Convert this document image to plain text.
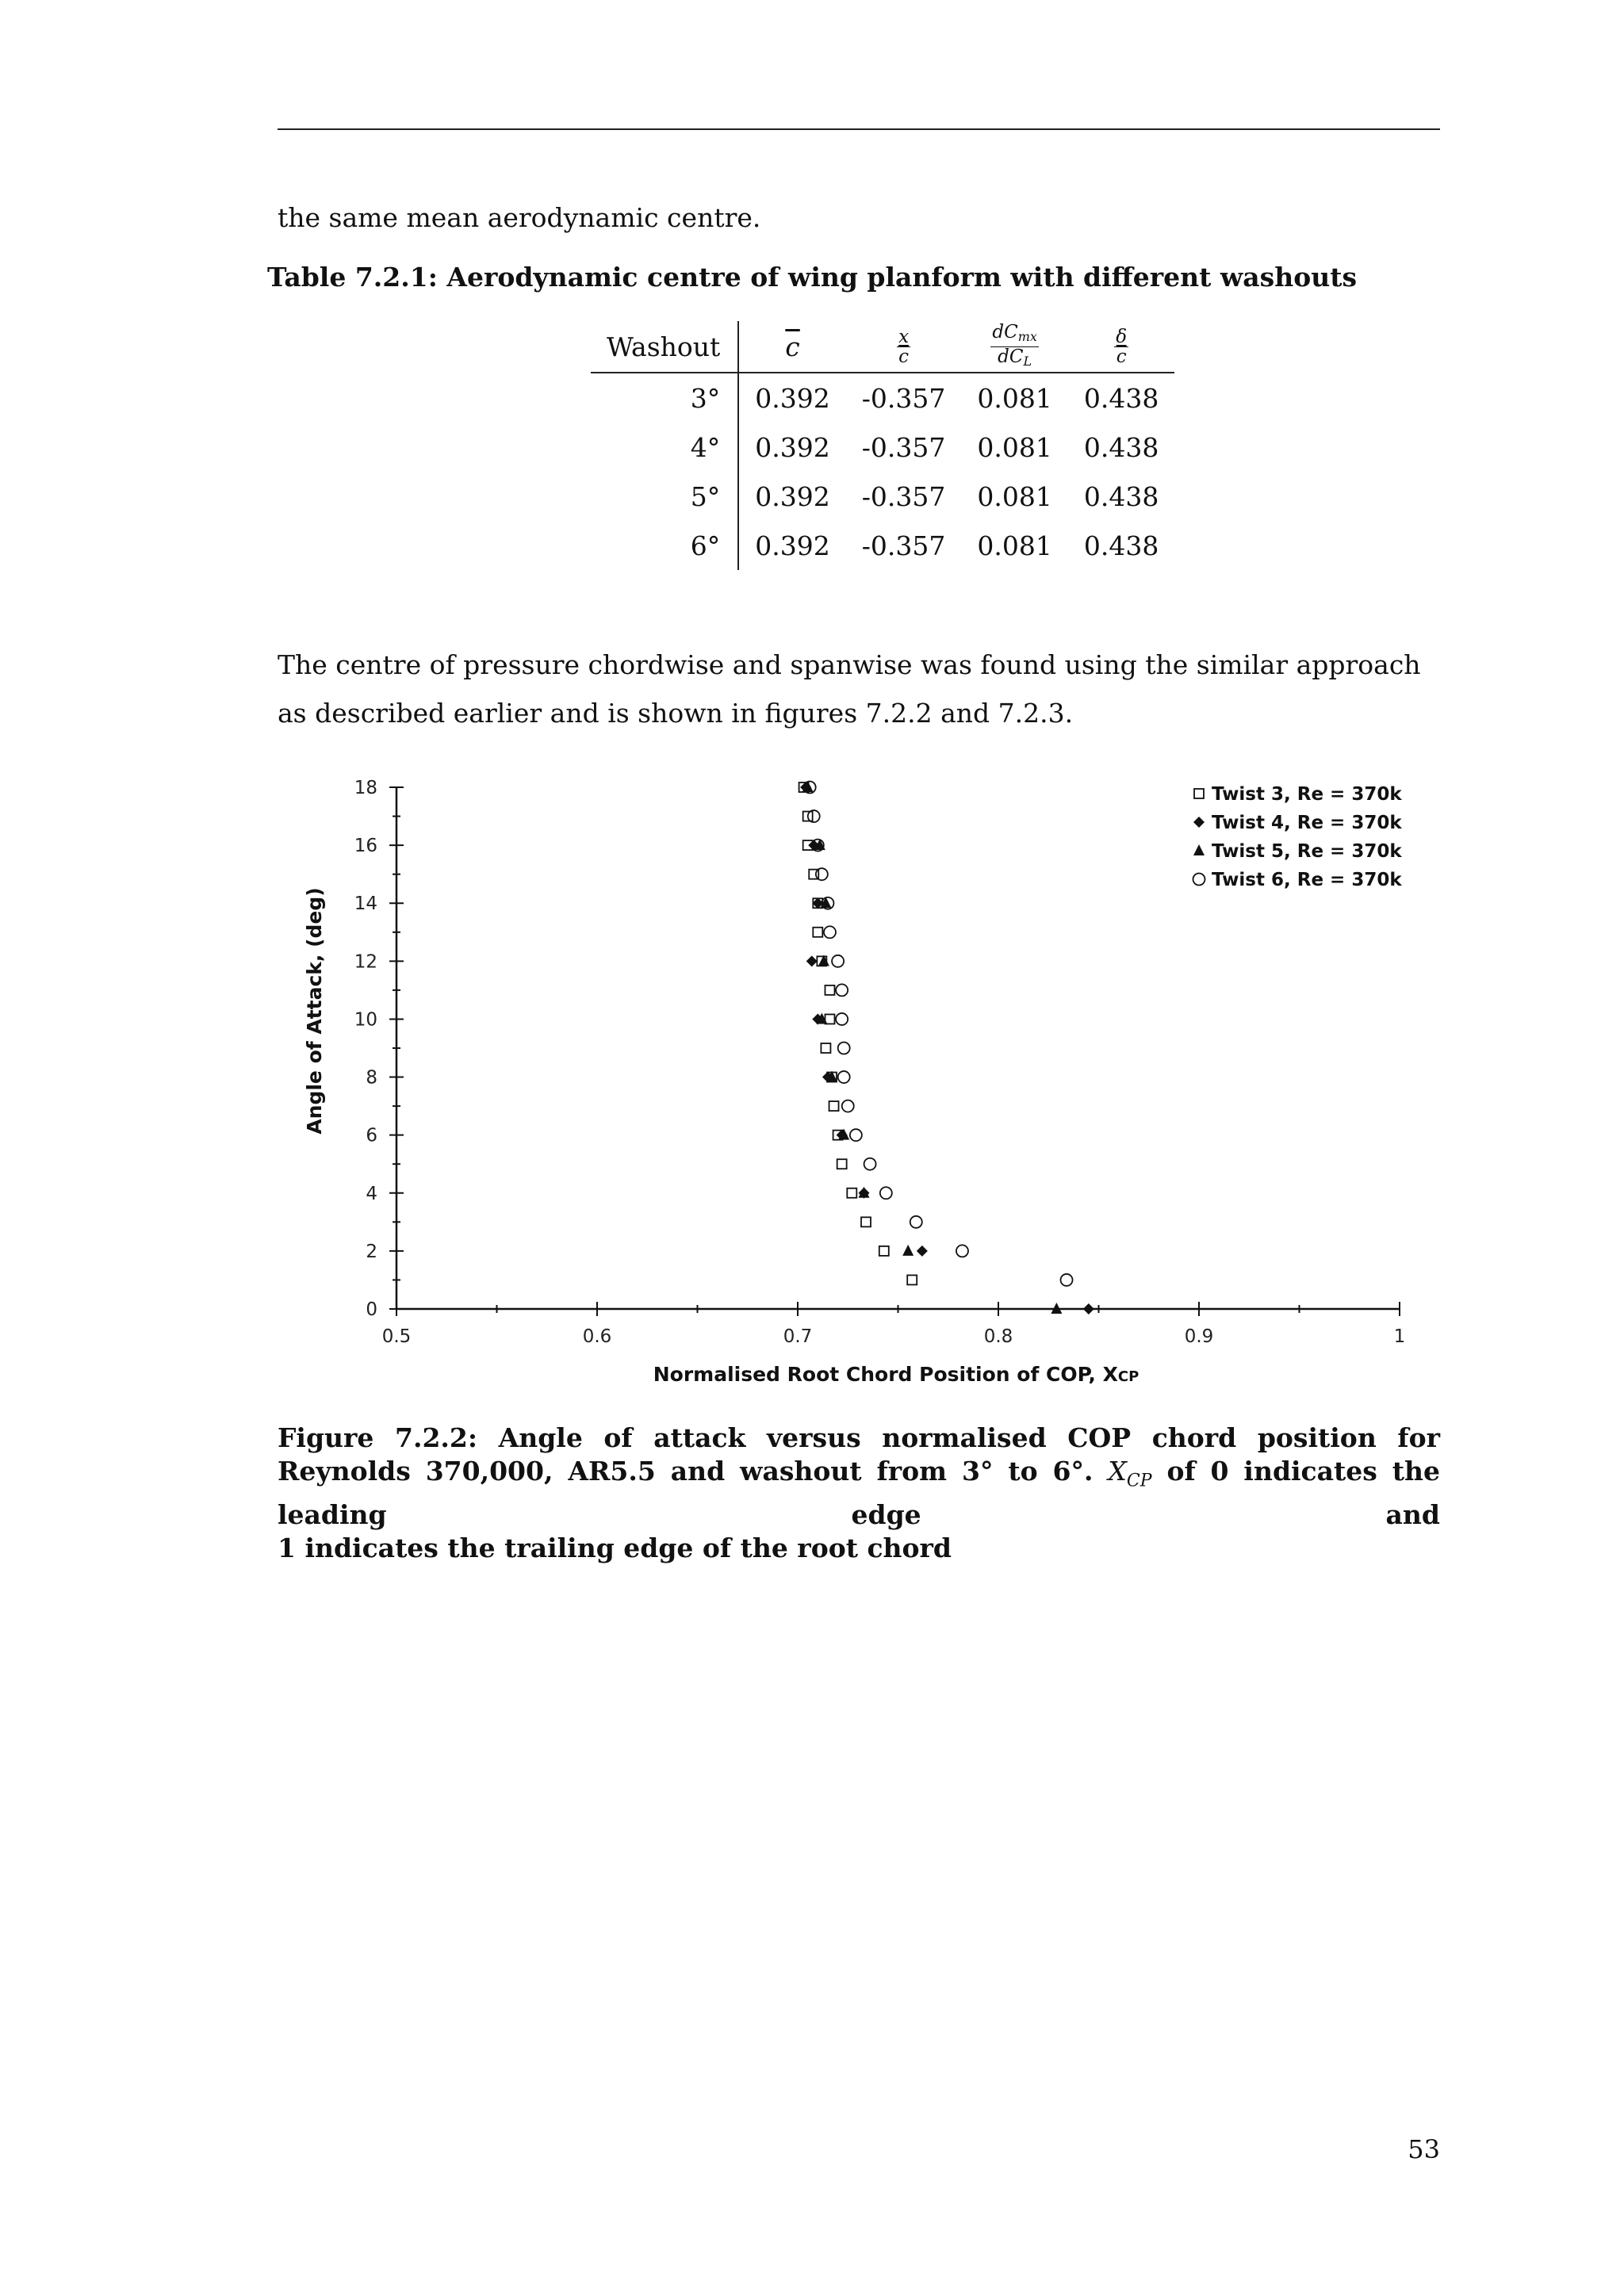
the same mean aerodynamic centre.

Table 7.2.1: Aerodynamic centre of wing planform with different washouts

Washout	$\overline{c}$	$\frac{x}{c}$	$\frac{dC_{mx}}{dC_L}$	$\frac{\delta}{c}$

3°	0.392	-0.357	0.081	0.438
4°	0.392	-0.357	0.081	0.438
5°	0.392	-0.357	0.081	0.438
6°	0.392	-0.357	0.081	0.438

The centre of pressure chordwise and spanwise was found using the similar approach as described earlier and is shown in figures 7.2.2 and 7.2.3.

0.5	0.6	0.7	0.8	0.9	1
0
2
4
6
8
10
12
14
16
18	Twist 3, Re = 370k
Twist 4, Re = 370k
Twist 5, Re = 370k
Twist 6, Re = 370k
Angle of Attack, (deg)
Normalised Root Chord Position of COP, XCP
Figure 7.2.2: Angle of attack versus normalised COP chord position for Reynolds 370,000, AR5.5 and washout from 3° to 6°. $X_{CP}$ of 0 indicates the leading edge and
1 indicates the trailing edge of the root chord
53
